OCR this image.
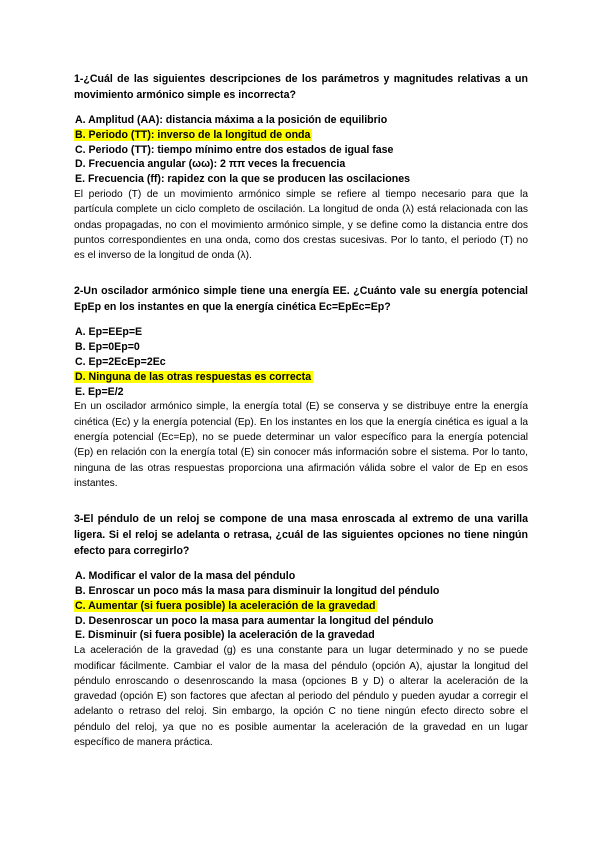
1-¿Cuál de las siguientes descripciones de los parámetros y magnitudes relativas a un movimiento armónico simple es incorrecta?

A. Amplitud (AA): distancia máxima a la posición de equilibrio
B. Periodo (TT): inverso de la longitud de onda
C. Periodo (TT): tiempo mínimo entre dos estados de igual fase
D. Frecuencia angular (ωω): 2 ππ veces la frecuencia
E. Frecuencia (ff): rapidez con la que se producen las oscilaciones

El periodo (T) de un movimiento armónico simple se refiere al tiempo necesario para que la partícula complete un ciclo completo de oscilación. La longitud de onda (λ) está relacionada con las ondas propagadas, no con el movimiento armónico simple, y se define como la distancia entre dos puntos correspondientes en una onda, como dos crestas sucesivas. Por lo tanto, el periodo (T) no es el inverso de la longitud de onda (λ).

2-Un oscilador armónico simple tiene una energía EE. ¿Cuánto vale su energía potencial EpEp en los instantes en que la energía cinética Ec=EpEc=Ep?

A. Ep=EEp=E
B. Ep=0Ep=0
C. Ep=2EcEp=2Ec
D. Ninguna de las otras respuestas es correcta
E. Ep=E/2

En un oscilador armónico simple, la energía total (E) se conserva y se distribuye entre la energía cinética (Ec) y la energía potencial (Ep). En los instantes en los que la energía cinética es igual a la energía potencial (Ec=Ep), no se puede determinar un valor específico para la energía potencial (Ep) en relación con la energía total (E) sin conocer más información sobre el sistema. Por lo tanto, ninguna de las otras respuestas proporciona una afirmación válida sobre el valor de Ep en esos instantes.

3-El péndulo de un reloj se compone de una masa enroscada al extremo de una varilla ligera. Si el reloj se adelanta o retrasa, ¿cuál de las siguientes opciones no tiene ningún efecto para corregirlo?

A. Modificar el valor de la masa del péndulo
B. Enroscar un poco más la masa para disminuir la longitud del péndulo
C. Aumentar (si fuera posible) la aceleración de la gravedad
D. Desenroscar un poco la masa para aumentar la longitud del péndulo
E. Disminuir (si fuera posible) la aceleración de la gravedad

La aceleración de la gravedad (g) es una constante para un lugar determinado y no se puede modificar fácilmente. Cambiar el valor de la masa del péndulo (opción A), ajustar la longitud del péndulo enroscando o desenroscando la masa (opciones B y D) o alterar la aceleración de la gravedad (opción E) son factores que afectan al periodo del péndulo y pueden ayudar a corregir el adelanto o retraso del reloj. Sin embargo, la opción C no tiene ningún efecto directo sobre el péndulo del reloj, ya que no es posible aumentar la aceleración de la gravedad en un lugar específico de manera práctica.
